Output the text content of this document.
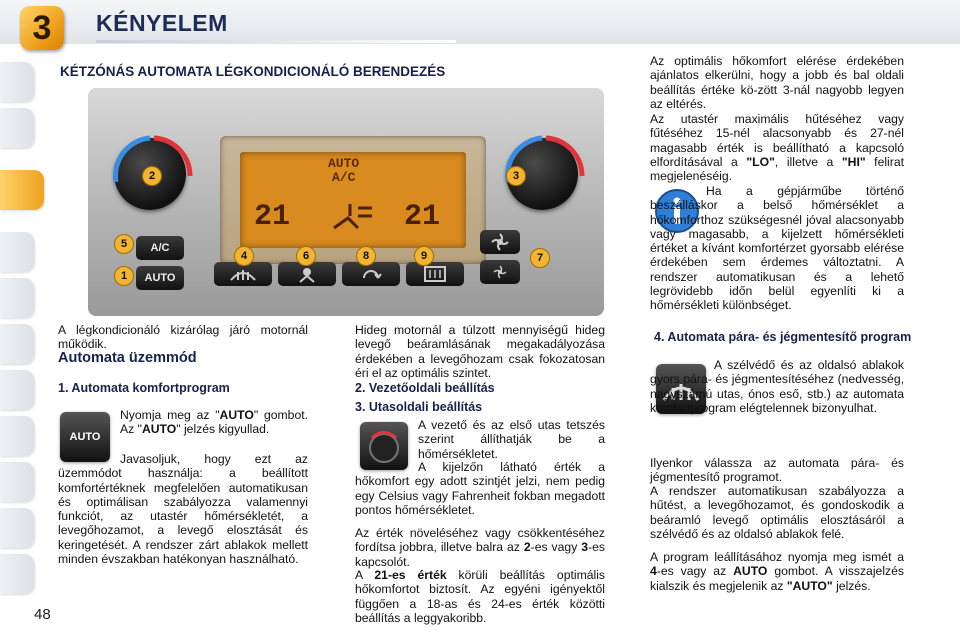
3	KÉNYELEM
KÉTZÓNÁS AUTOMATA LÉGKONDICIONÁLÓ BERENDEZÉS
AUTO
A/C
21	21
A/C
AUTO
1
2	3
4
5
6	7
8	9
A légkondicionáló kizárólag járó motornál működik.
Automata üzemmód
1. Automata komfortprogram
AUTO
Nyomja meg az "AUTO" gombot. Az "AUTO" jelzés kigyullad.
Javasoljuk, hogy ezt az üzemmódot használja: a beállított komfortértéknek megfelelően automatikusan és optimálisan szabályozza valamennyi funkciót, az utastér hőmérsékletét, a levegőhozamot, a levegő elosztását és keringetését. A rendszer zárt ablakok mellett minden évszakban hatékonyan használható.
Hideg motornál a túlzott mennyiségű hideg levegő beáramlásának megakadályozása érdekében a levegőhozam csak fokozatosan éri el az optimális szintet.
2. Vezetőoldali beállítás
3. Utasoldali beállítás
A vezető és az első utas tetszés szerint állíthatják be a hőmérsékletet.
A kijelzőn látható érték a hőkomfort egy adott szintjét jelzi, nem pedig egy Celsius vagy Fahrenheit fokban megadott pontos hőmérsékletet.
Az érték növeléséhez vagy csökkentéséhez fordítsa jobbra, illetve balra az 2-es vagy 3-es kapcsolót.
A 21-es érték körüli beállítás optimális hőkomfortot biztosít. Az egyéni igényektől függően a 18-as és 24-es érték közötti beállítás a leggyakoribb.
Az optimális hőkomfort elérése érdekében ajánlatos elkerülni, hogy a jobb és bal oldali beállítás értéke kö-zött 3-nál nagyobb legyen az eltérés.
Az utastér maximális hűtéséhez vagy fűtéséhez 15-nél alacsonyabb és 27-nél magasabb érték is beállítható a kapcsoló elfordításával a "LO", illetve a "HI" felirat megjelenéséig.
Ha a gépjárműbe történő beszálláskor a belső hőmérséklet a hőkomforthoz szükségesnél jóval alacsonyabb vagy magasabb, a kijelzett hőmérsékleti értéket a kívánt komfortérzet gyorsabb elérése érdekében sem érdemes változtatni. A rendszer automatikusan és a lehető legrövidebb időn belül egyenlíti ki a hőmérsékleti különbséget.
4. Automata pára- és jégmentesítő program
A szélvédő és az oldalsó ablakok gyors pára- és jégmentesítéséhez (nedvesség, nagyszámú utas, ónos eső, stb.) az automata komfortprogram elégtelennek bizonyulhat.
Ilyenkor válassza az automata pára- és jégmentesítő programot.
A rendszer automatikusan szabályozza a hűtést, a levegőhozamot, és gondoskodik a beáramló levegő optimális elosztásáról a szélvédő és az oldalsó ablakok felé.
A program leállításához nyomja meg ismét a 4-es vagy az AUTO gombot. A visszajelzés kialszik és megjelenik az "AUTO" jelzés.
48
